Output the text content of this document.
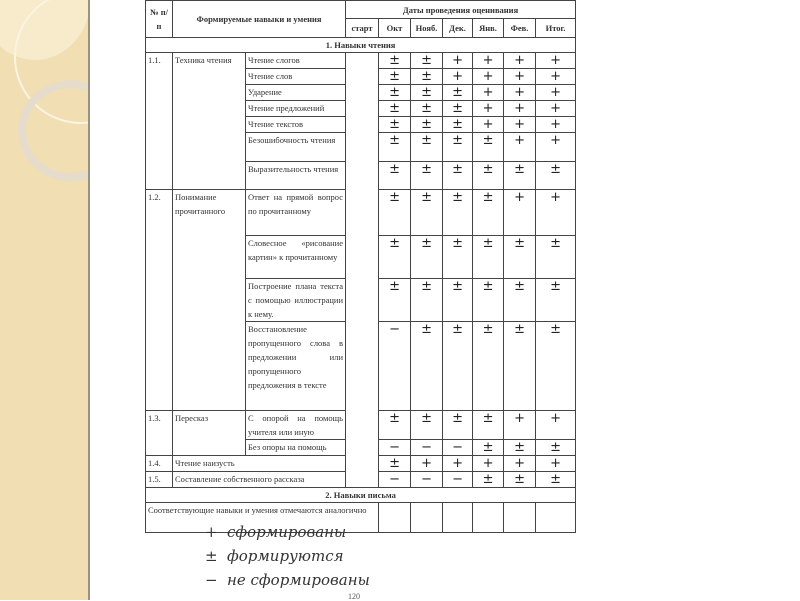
№ п/п	Формируемые навыки и умения		Даты проведения оценивания						
			старт	Окт	Нояб.	Дек.	Янв.	Фев.	Итог.
1. Навыки чтения									
1.1.	Техника чтения	Чтение слогов		±	±	+	+	+	+
		Чтение слов		±	±	+	+	+	+
		Ударение		±	±	±	+	+	+
		Чтение предложений		±	±	±	+	+	+
		Чтение текстов		±	±	±	+	+	+
		Безошибочность чтения		±	±	±	±	+	+
		Выразительность чтения		±	±	±	±	±	±
1.2.	Понимание прочитанного	Ответ на прямой вопрос по прочитанному		±	±	±	±	+	+
		Словесное «рисование картин» к прочитанному		±	±	±	±	±	±
		Построение плана текста с помощью иллюстрации к нему.		±	±	±	±	±	±
		Восстановление пропущенного слова в предложении или пропущенного предложения в тексте		−	±	±	±	±	±
1.3.	Пересказ	С опорой на помощь учителя или иную		±	±	±	±	+	+
		Без опоры на помощь		−	−	−	±	±	±
1.4.	Чтение наизусть			±	+	+	+	+	+
1.5.	Составление собственного рассказа			−	−	−	±	±	±
2. Навыки письма									
Соответствующие навыки и умения отмечаются аналогично									
+ сформированы
± формируются
− не сформированы
120
